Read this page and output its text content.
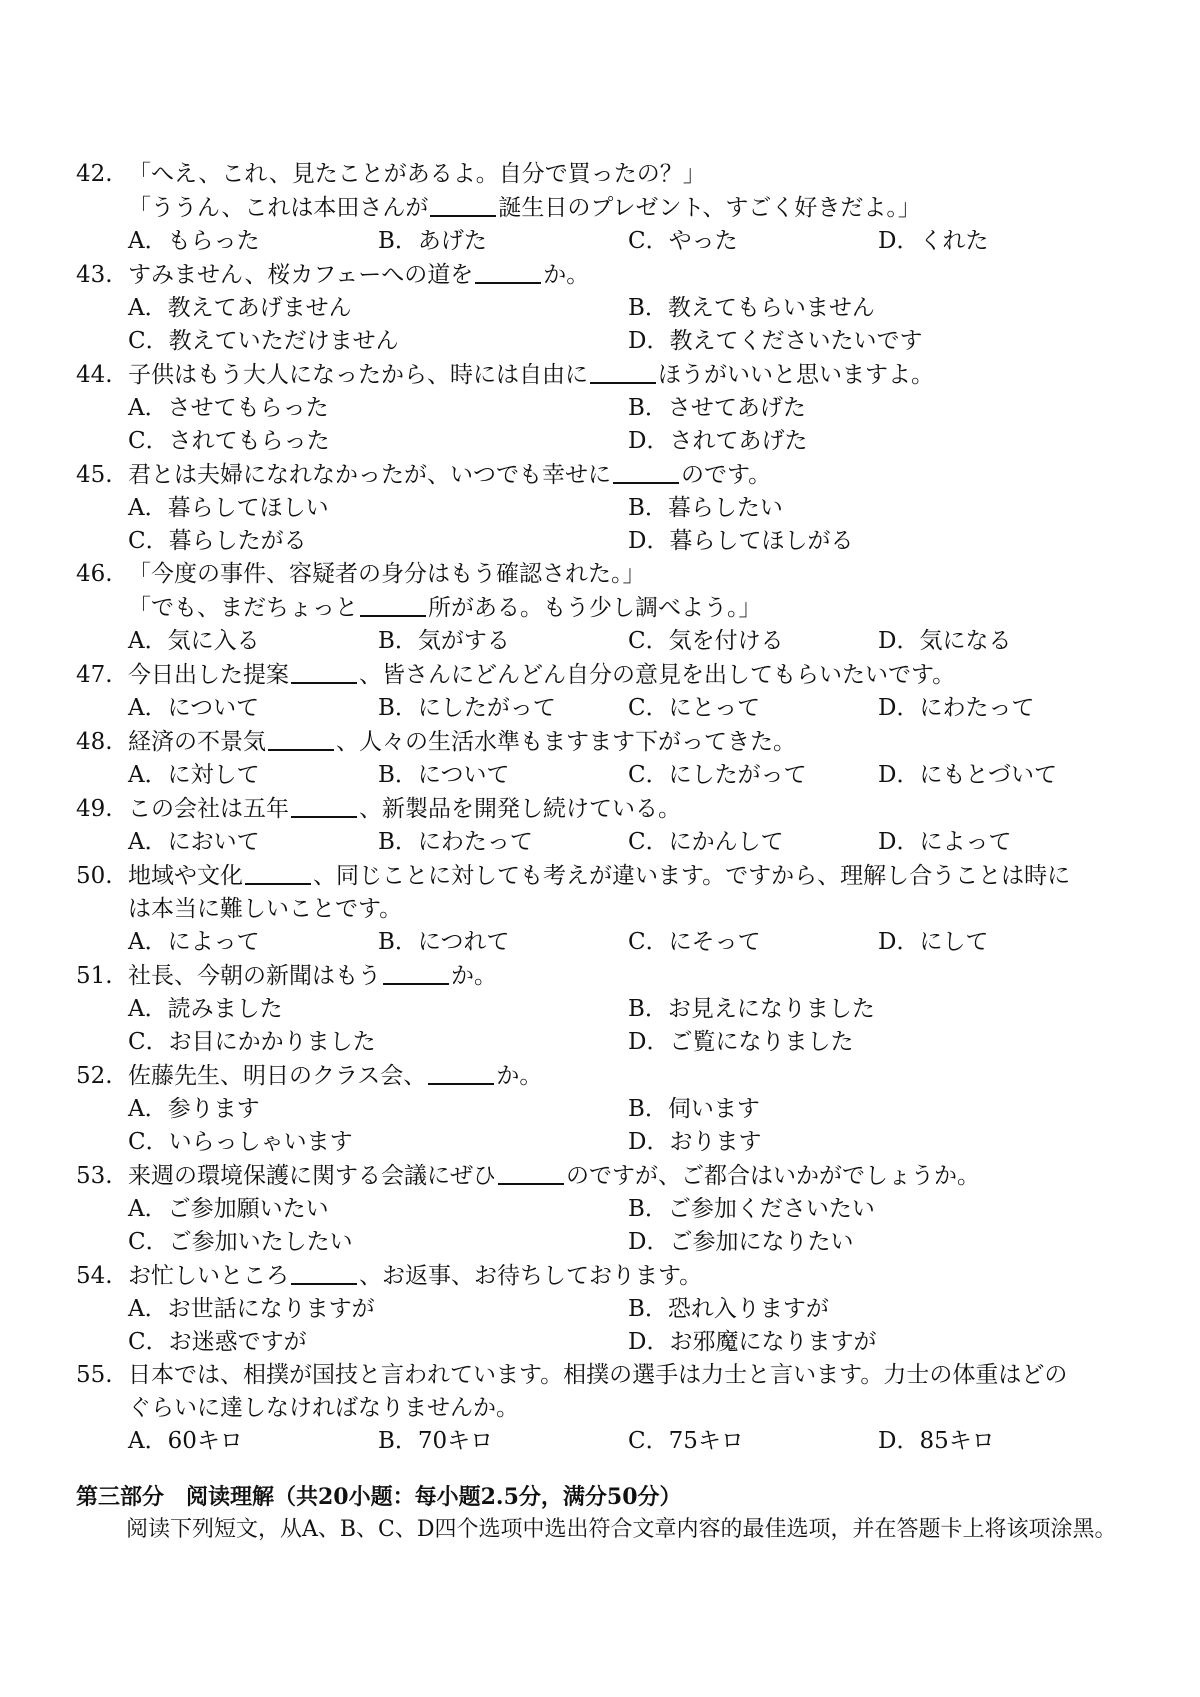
42. 「へえ、これ、見たことがあるよ。自分で買ったの？」
「ううん、これは本田さんが	誕生日のプレゼント、すごく好きだよ。」
A．もらった	B．あげた	C．やった	D．くれた
43. すみません、桜カフェーへの道を	か。
A．教えてあげません	B．教えてもらいません
C．教えていただけません	D．教えてくださいたいです
44. 子供はもう大人になったから、時には自由に	ほうがいいと思いますよ。
A．させてもらった	B．させてあげた
C．されてもらった	D．されてあげた
45. 君とは夫婦になれなかったが、いつでも幸せに	のです。
A．暮らしてほしい	B．暮らしたい
C．暮らしたがる	D．暮らしてほしがる
46. 「今度の事件、容疑者の身分はもう確認された。」
「でも、まだちょっと	所がある。もう少し調べよう。」
A．気に入る	B．気がする	C．気を付ける	D．気になる
47. 今日出した提案	、皆さんにどんどん自分の意見を出してもらいたいです。
A．について	B．にしたがって	C．にとって	D．にわたって
48. 経済の不景気	、人々の生活水準もますます下がってきた。
A．に対して	B．について	C．にしたがって	D．にもとづいて
49. この会社は五年	、新製品を開発し続けている。
A．において	B．にわたって	C．にかんして	D．によって
50. 地域や文化	、同じことに対しても考えが違います。ですから、理解し合うことは時に
は本当に難しいことです。
A．によって	B．につれて	C．にそって	D．にして
51. 社長、今朝の新聞はもう	か。
A．読みました	B．お見えになりました
C．お目にかかりました	D．ご覧になりました
52. 佐藤先生、明日のクラス会、	か。
A．参ります	B．伺います
C．いらっしゃいます	D．おります
53. 来週の環境保護に関する会議にぜひ	のですが、ご都合はいかがでしょうか。
A．ご参加願いたい	B．ご参加くださいたい
C．ご参加いたしたい	D．ご参加になりたい
54. お忙しいところ	、お返事、お待ちしております。
A．お世話になりますが	B．恐れ入りますが
C．お迷惑ですが	D．お邪魔になりますが
55. 日本では、相撲が国技と言われています。相撲の選手は力士と言います。力士の体重はどの
ぐらいに達しなければなりませんか。
A．60キロ	B．70キロ	C．75キロ	D．85キロ
第三部分　阅读理解（共20小题：每小题2.5分，满分50分）

阅读下列短文，从A、B、C、D四个选项中选出符合文章内容的最佳选项，并在答题卡上将该项涂黑。
